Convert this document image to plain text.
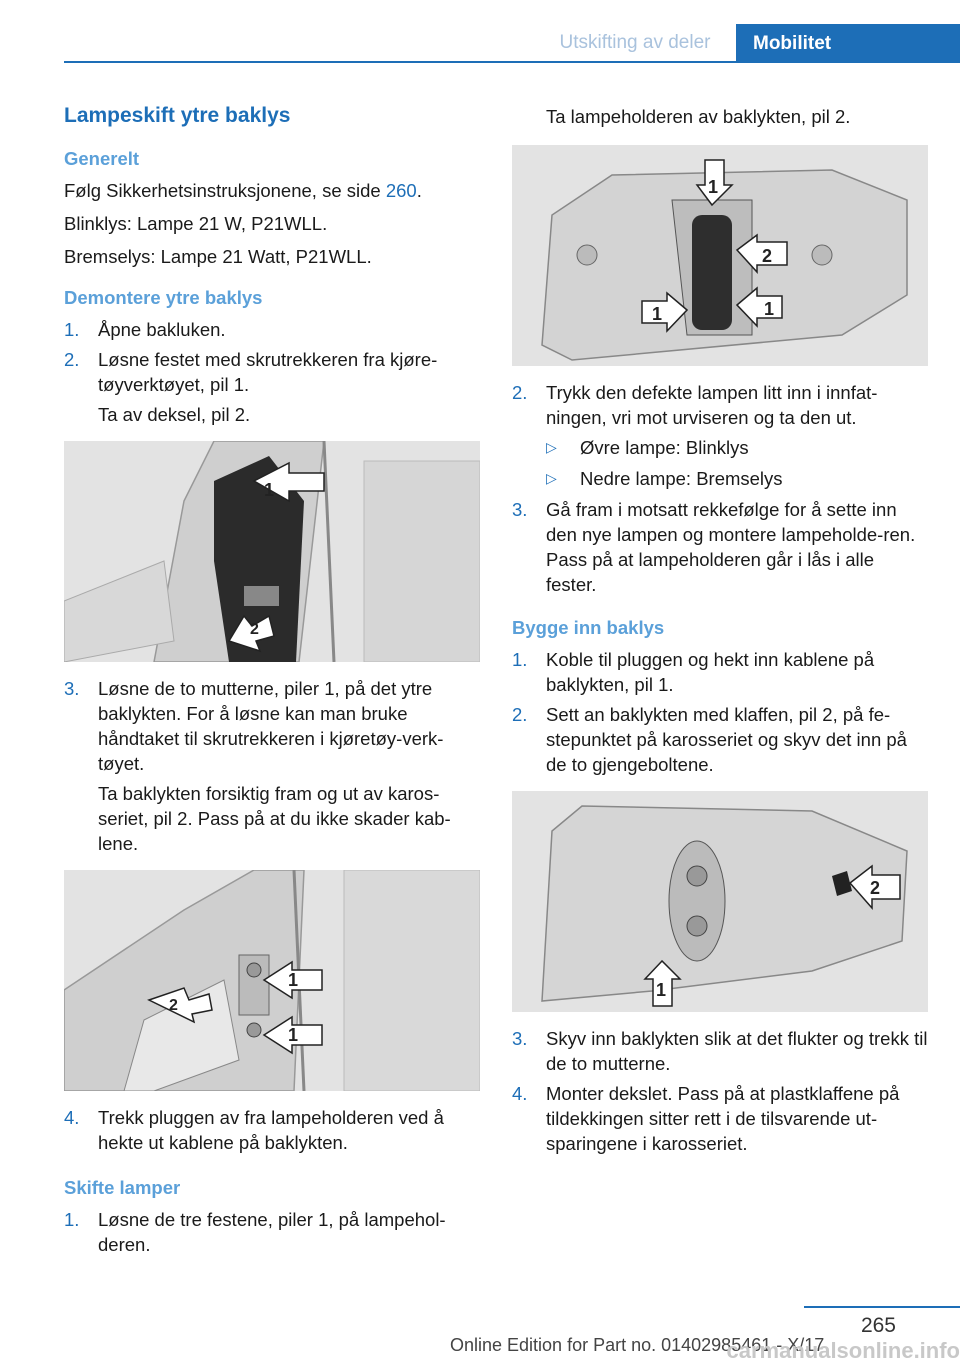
Utskifting av deler	Mobilitet
Lampeskift ytre baklys
Generelt

Følg Sikkerhetsinstruksjonene, se side 260.

Blinklys: Lampe 21 W, P21WLL.

Bremselys: Lampe 21 Watt, P21WLL.

Demontere ytre baklys
1.	Åpne bakluken.
2.	Løsne festet med skrutrekkeren fra kjøre-tøyverktøyet, pil 1.
Ta av deksel, pil 2.
1
2
3.	Løsne de to mutterne, piler 1, på det ytre baklykten. For å løsne kan man bruke håndtaket til skrutrekkeren i kjøretøy-verk-tøyet.
Ta baklykten forsiktig fram og ut av karos-seriet, pil 2. Pass på at du ikke skader kab-lene.
1
1
2
4.	Trekk pluggen av fra lampeholderen ved å hekte ut kablene på baklykten.
Skifte lamper
1.	Løsne de tre festene, piler 1, på lampehol-deren.

Ta lampeholderen av baklykten, pil 2.

1
2
1	1
2.	Trykk den defekte lampen litt inn i innfat-ningen, vri mot urviseren og ta den ut.
▷	Øvre lampe: Blinklys
▷	Nedre lampe: Bremselys
3.	Gå fram i motsatt rekkefølge for å sette inn den nye lampen og montere lampeholde-ren. Pass på at lampeholderen går i lås i alle fester.
Bygge inn baklys
1.	Koble til pluggen og hekt inn kablene på baklykten, pil 1.
2.	Sett an baklykten med klaffen, pil 2, på fe-stepunktet på karosseriet og skyv det inn på de to gjengeboltene.
2
1
3.	Skyv inn baklykten slik at det flukter og trekk til de to mutterne.
4.	Monter dekslet. Pass på at plastklaffene på tildekkingen sitter rett i de tilsvarende ut-sparingene i karosseriet.
265
Online Edition for Part no. 01402985461 - X/17
carmanualsonline.info
